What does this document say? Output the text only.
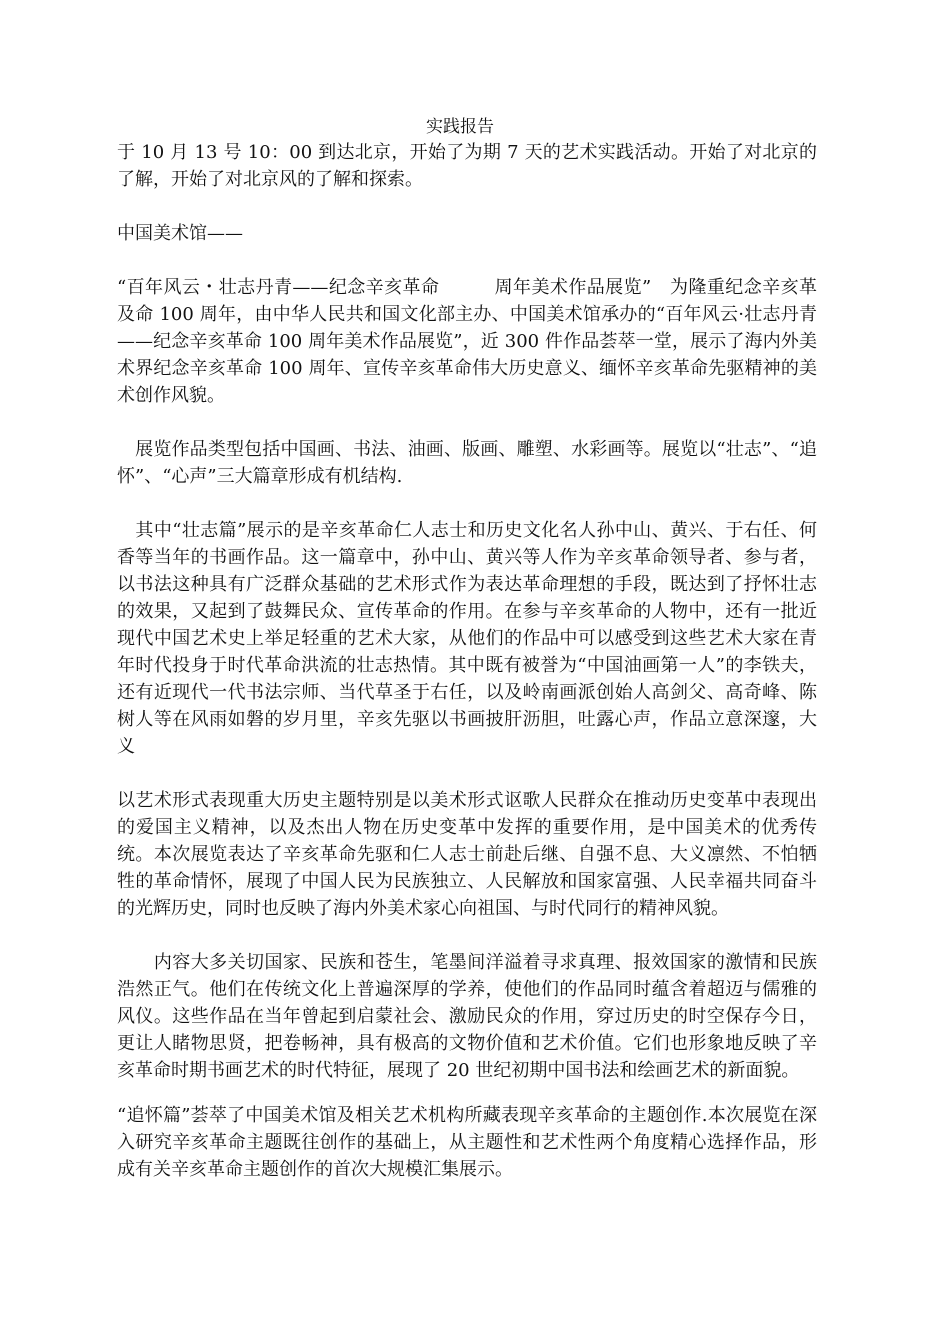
实践报告

于 10 月 13 号 10：00 到达北京，开始了为期 7 天的艺术实践活动。开始了对北京的了解，开始了对北京风的了解和探索。

中国美术馆——

“百年风云・壮志丹青——纪念辛亥革命　　　周年美术作品展览”　为隆重纪念辛亥革及命 100 周年，由中华人民共和国文化部主办、中国美术馆承办的“百年风云·壮志丹青——纪念辛亥革命 100 周年美术作品展览”，近 300 件作品荟萃一堂，展示了海内外美术界纪念辛亥革命 100 周年、宣传辛亥革命伟大历史意义、缅怀辛亥革命先驱精神的美术创作风貌。

　展览作品类型包括中国画、书法、油画、版画、雕塑、水彩画等。展览以“壮志”、“追怀”、“心声”三大篇章形成有机结构.

　其中“壮志篇”展示的是辛亥革命仁人志士和历史文化名人孙中山、黄兴、于右任、何香等当年的书画作品。这一篇章中，孙中山、黄兴等人作为辛亥革命领导者、参与者，以书法这种具有广泛群众基础的艺术形式作为表达革命理想的手段，既达到了抒怀壮志的效果，又起到了鼓舞民众、宣传革命的作用。在参与辛亥革命的人物中，还有一批近现代中国艺术史上举足轻重的艺术大家，从他们的作品中可以感受到这些艺术大家在青年时代投身于时代革命洪流的壮志热情。其中既有被誉为“中国油画第一人”的李铁夫，还有近现代一代书法宗师、当代草圣于右任，以及岭南画派创始人高剑父、高奇峰、陈树人等在风雨如磐的岁月里，辛亥先驱以书画披肝沥胆，吐露心声，作品立意深邃，大义

以艺术形式表现重大历史主题特别是以美术形式讴歌人民群众在推动历史变革中表现出的爱国主义精神，以及杰出人物在历史变革中发挥的重要作用，是中国美术的优秀传统。本次展览表达了辛亥革命先驱和仁人志士前赴后继、自强不息、大义凛然、不怕牺牲的革命情怀，展现了中国人民为民族独立、人民解放和国家富强、人民幸福共同奋斗的光辉历史，同时也反映了海内外美术家心向祖国、与时代同行的精神风貌。

　　内容大多关切国家、民族和苍生，笔墨间洋溢着寻求真理、报效国家的激情和民族浩然正气。他们在传统文化上普遍深厚的学养，使他们的作品同时蕴含着超迈与儒雅的风仪。这些作品在当年曾起到启蒙社会、激励民众的作用，穿过历史的时空保存今日，更让人睹物思贤，把卷畅神，具有极高的文物价值和艺术价值。它们也形象地反映了辛亥革命时期书画艺术的时代特征，展现了 20 世纪初期中国书法和绘画艺术的新面貌。

“追怀篇”荟萃了中国美术馆及相关艺术机构所藏表现辛亥革命的主题创作.本次展览在深入研究辛亥革命主题既往创作的基础上，从主题性和艺术性两个角度精心选择作品，形成有关辛亥革命主题创作的首次大规模汇集展示。
